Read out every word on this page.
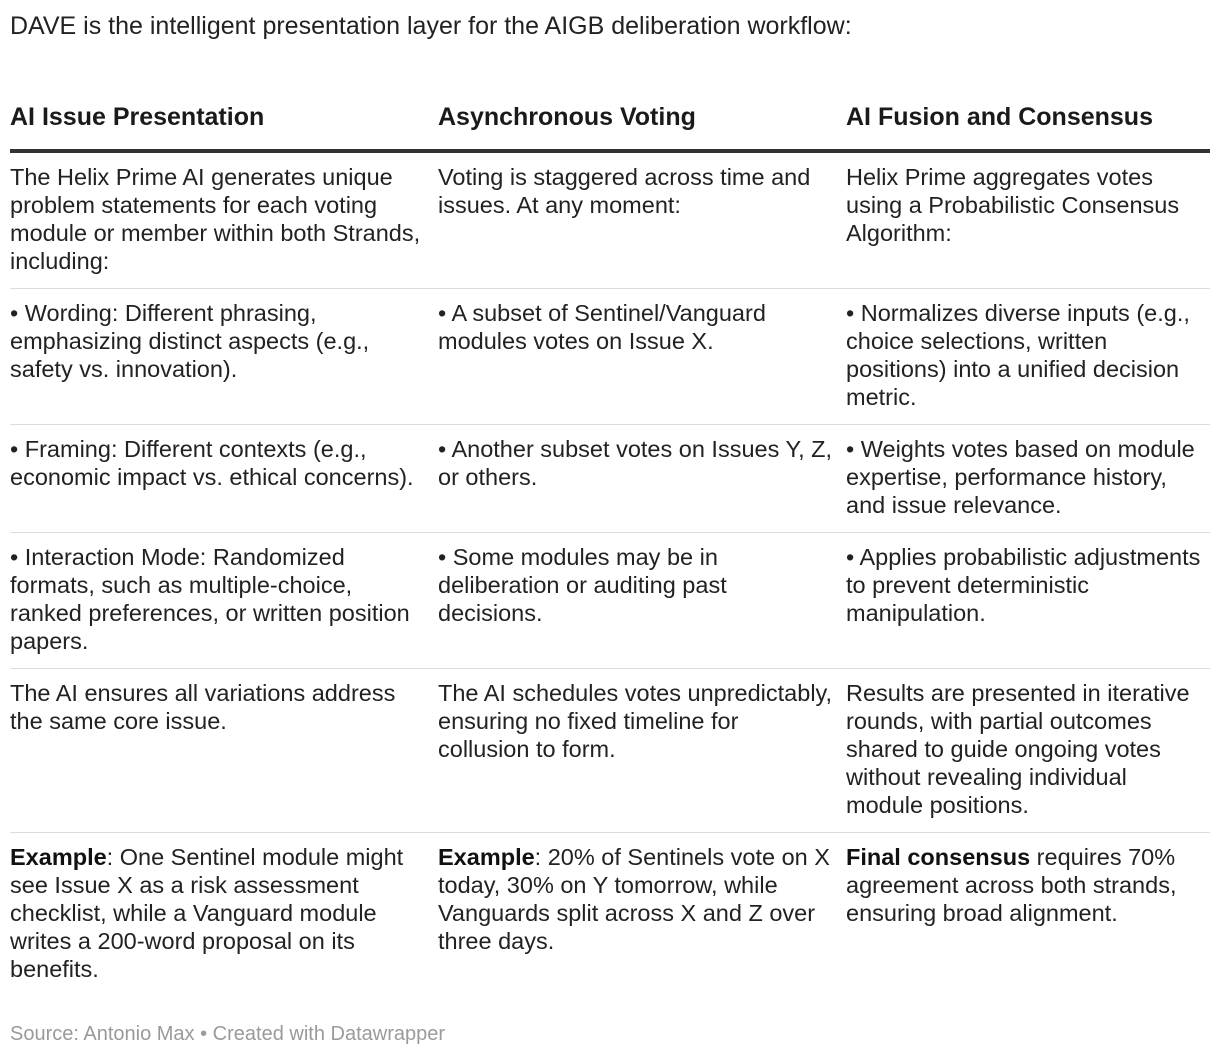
DAVE is the intelligent presentation layer for the AIGB deliberation workflow:
AI Issue Presentation	Asynchronous Voting	AI Fusion and Consensus
The Helix Prime AI generates unique problem statements for each voting module or member within both Strands, including:	Voting is staggered across time and issues. At any moment:	Helix Prime aggregates votes using a Probabilistic Consensus Algorithm:
• Wording: Different phrasing, emphasizing distinct aspects (e.g., safety vs. innovation).	• A subset of Sentinel/Vanguard modules votes on Issue X.	• Normalizes diverse inputs (e.g., choice selections, written positions) into a unified decision metric.
• Framing: Different contexts (e.g., economic impact vs. ethical concerns).	• Another subset votes on Issues Y, Z, or others.	• Weights votes based on module expertise, performance history, and issue relevance.
• Interaction Mode: Randomized formats, such as multiple-choice, ranked preferences, or written position papers.	• Some modules may be in deliberation or auditing past decisions.	• Applies probabilistic adjustments to prevent deterministic manipulation.
The AI ensures all variations address the same core issue.	The AI schedules votes unpredictably, ensuring no fixed timeline for collusion to form.	Results are presented in iterative rounds, with partial outcomes shared to guide ongoing votes without revealing individual module positions.
Example: One Sentinel module might see Issue X as a risk assessment checklist, while a Vanguard module writes a 200-word proposal on its benefits.	Example: 20% of Sentinels vote on X today, 30% on Y tomorrow, while Vanguards split across X and Z over three days.	Final consensus requires 70% agreement across both strands, ensuring broad alignment.
Source: Antonio Max • Created with Datawrapper
